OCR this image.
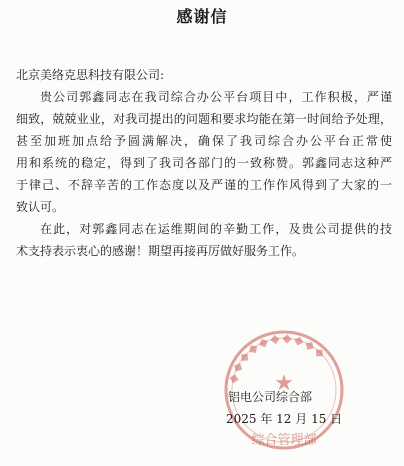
感谢信
北京美络克思科技有限公司:
贵公司郭鑫同志在我司综合办公平台项目中，工作积极，严谨
细致，兢兢业业，对我司提出的问题和要求均能在第一时间给予处理，
甚至加班加点给予圆满解决，确保了我司综合办公平台正常使
用和系统的稳定，得到了我司各部门的一致称赞。郭鑫同志这种严
于律己、不辞辛苦的工作态度以及严谨的工作作风得到了大家的一
致认可。
在此，对郭鑫同志在运维期间的辛勤工作，及贵公司提供的技
术支持表示衷心的感谢！期望再接再厉做好服务工作。
◆◆◆◆◆◆◆◆◆◆
★
综合管理部
铝电公司综合部
2025 年 12 月 15 日
